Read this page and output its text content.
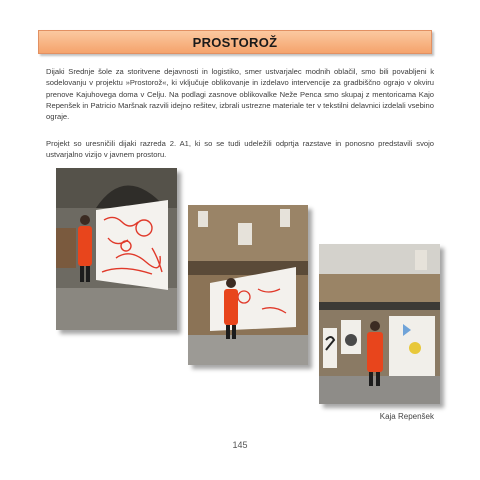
PROSTOROŽ

Dijaki Srednje šole za storitvene dejavnosti in logistiko, smer ustvarjalec modnih oblačil, smo bili povabljeni k sodelovanju v projektu »Prostorož«, ki vključuje oblikovanje in izdelavo intervencije za gradbiščno ograjo v okviru prenove Kajuhovega doma v Celju. Na podlagi zasnove oblikovalke Neže Penca smo skupaj z mentoricama Kajo Repenšek in Patricio Maršnak razvili idejno rešitev, izbrali ustrezne materiale ter v tekstilni delavnici izdelali vsebino ograje.

Projekt so uresničili dijaki razreda 2. A1, ki so se tudi udeležili odprtja razstave in ponosno predstavili svojo ustvarjalno vizijo v javnem prostoru.

Kaja Repenšek
145
